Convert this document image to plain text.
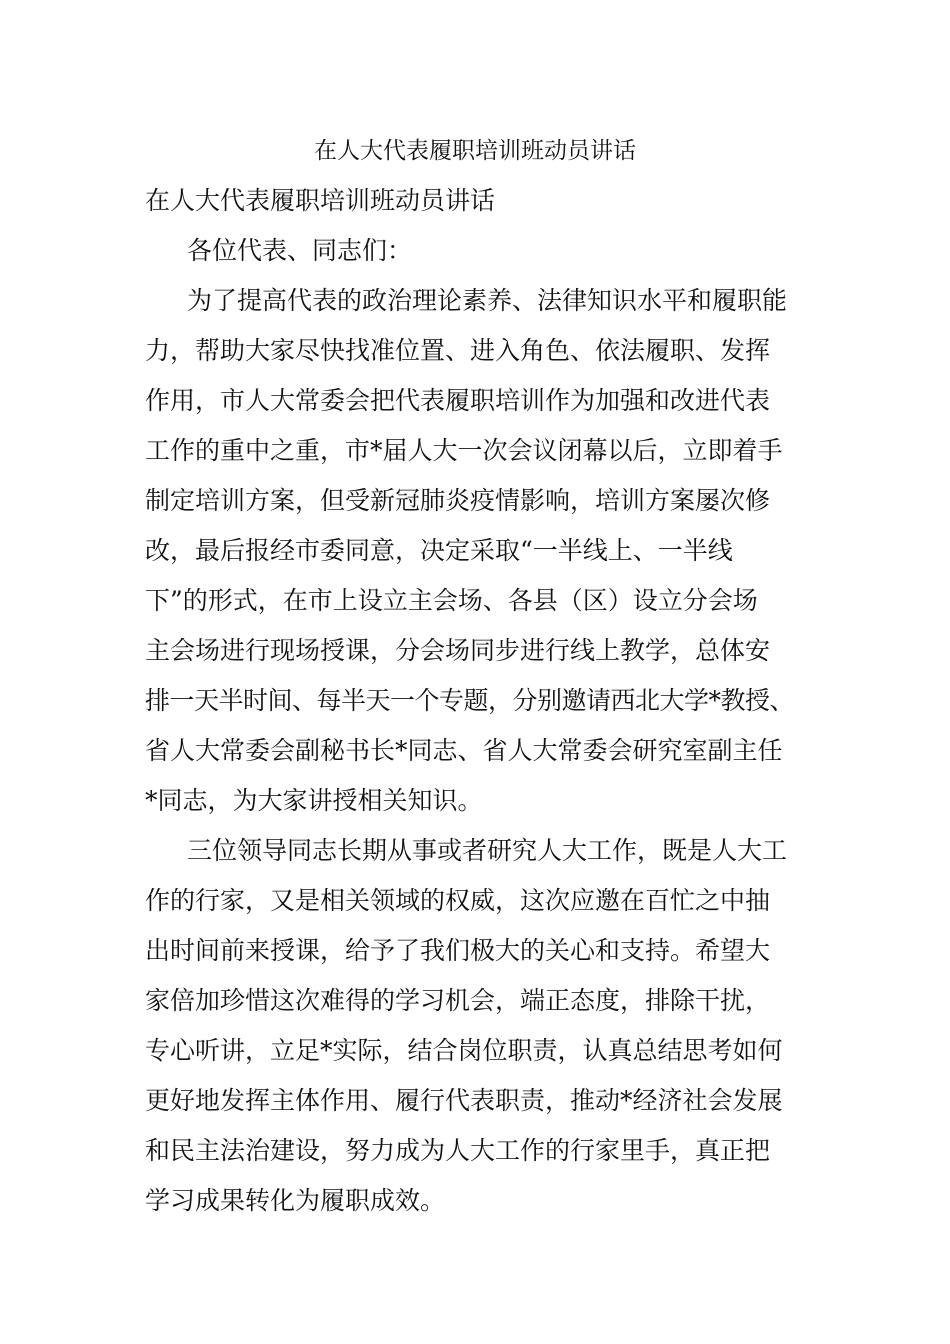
在人大代表履职培训班动员讲话
在人大代表履职培训班动员讲话
各位代表、同志们：
为了提高代表的政治理论素养、法律知识水平和履职能
力，帮助大家尽快找准位置、进入角色、依法履职、发挥
作用，市人大常委会把代表履职培训作为加强和改进代表
工作的重中之重，市*届人大一次会议闭幕以后，立即着手
制定培训方案，但受新冠肺炎疫情影响，培训方案屡次修
改，最后报经市委同意，决定采取“一半线上、一半线
下”的形式，在市上设立主会场、各县（区）设立分会场
主会场进行现场授课，分会场同步进行线上教学，总体安
排一天半时间、每半天一个专题，分别邀请西北大学*教授、
省人大常委会副秘书长*同志、省人大常委会研究室副主任
*同志，为大家讲授相关知识。
三位领导同志长期从事或者研究人大工作，既是人大工
作的行家，又是相关领域的权威，这次应邀在百忙之中抽
出时间前来授课，给予了我们极大的关心和支持。希望大
家倍加珍惜这次难得的学习机会，端正态度，排除干扰，
专心听讲，立足*实际，结合岗位职责，认真总结思考如何
更好地发挥主体作用、履行代表职责，推动*经济社会发展
和民主法治建设，努力成为人大工作的行家里手，真正把
学习成果转化为履职成效。
